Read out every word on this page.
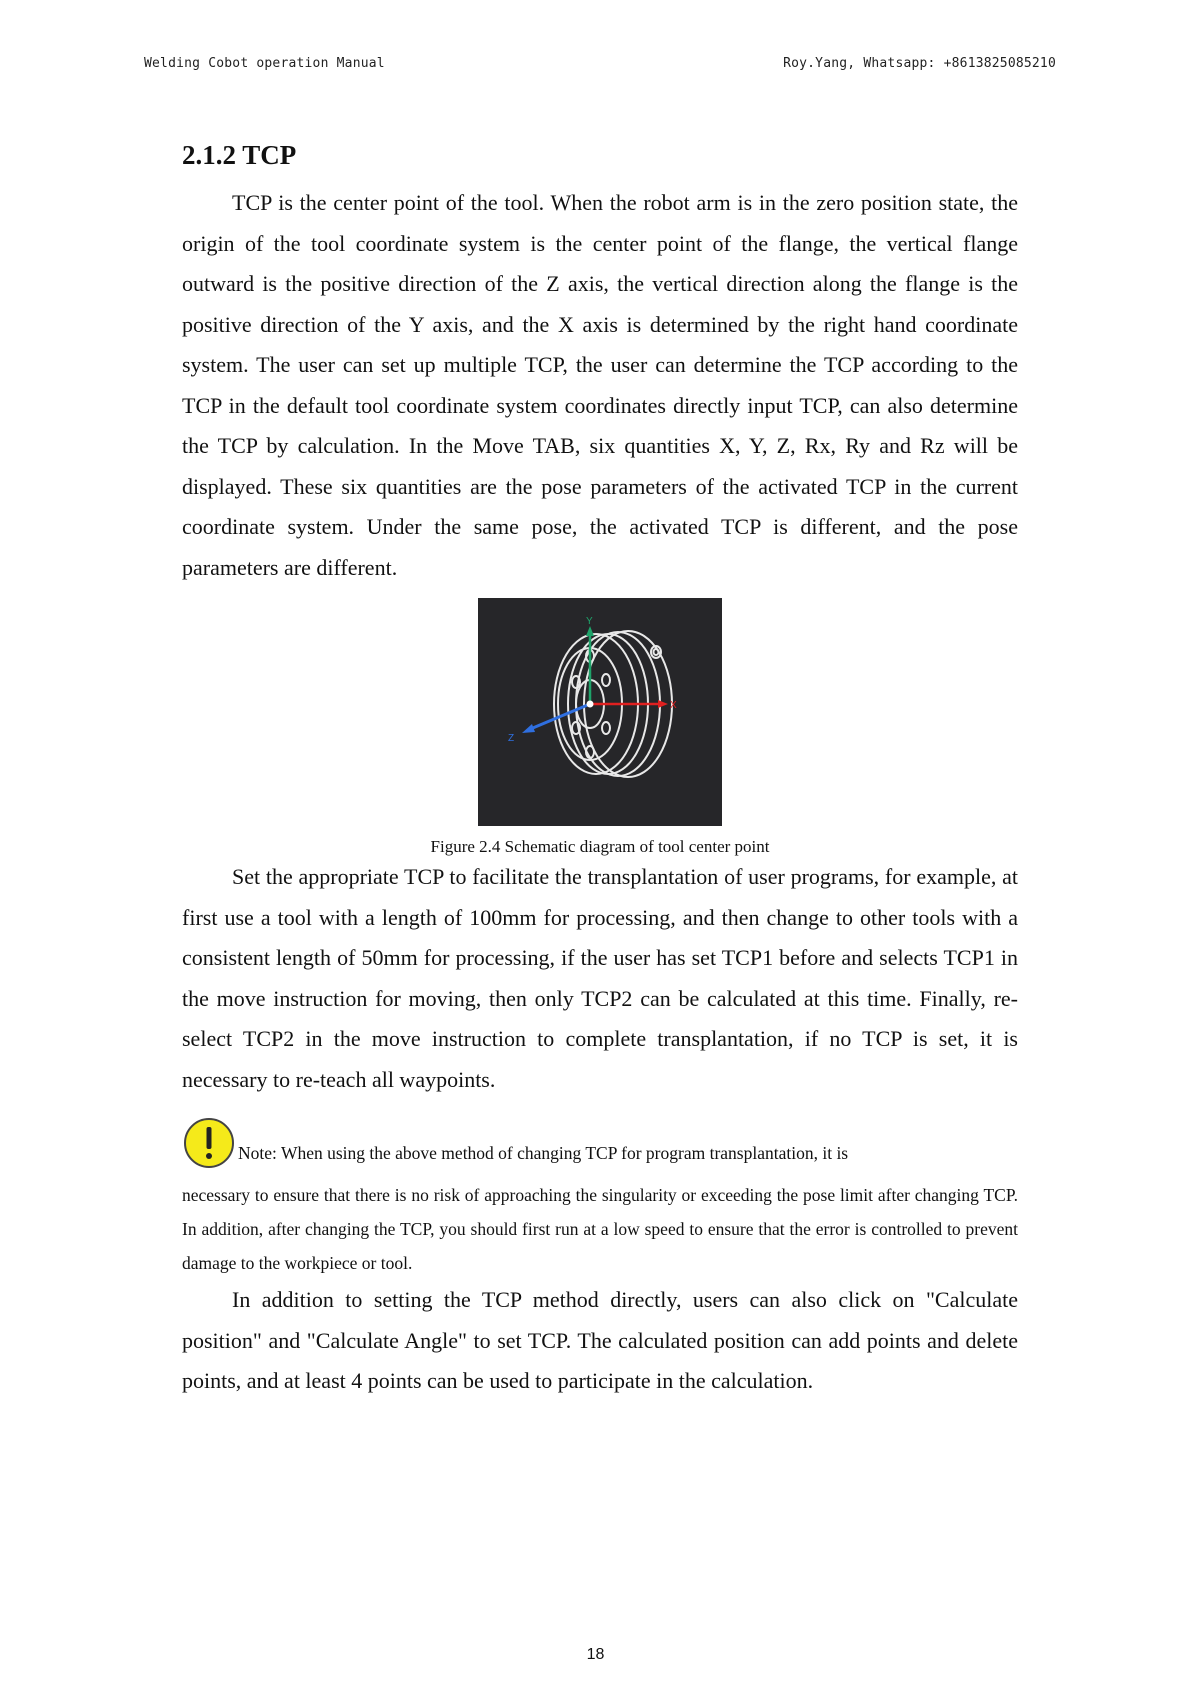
Welding Cobot operation Manual	Roy.Yang, Whatsapp: +8613825085210
2.1.2 TCP

TCP is the center point of the tool. When the robot arm is in the zero position state, the origin of the tool coordinate system is the center point of the flange, the vertical flange outward is the positive direction of the Z axis, the vertical direction along the flange is the positive direction of the Y axis, and the X axis is determined by the right hand coordinate system. The user can set up multiple TCP, the user can determine the TCP according to the TCP in the default tool coordinate system coordinates directly input TCP, can also determine the TCP by calculation. In the Move TAB, six quantities X, Y, Z, Rx, Ry and Rz will be displayed. These six quantities are the pose parameters of the activated TCP in the current coordinate system. Under the same pose, the activated TCP is different, and the pose parameters are different.

Y
X
Z
Figure 2.4 Schematic diagram of tool center point

Set the appropriate TCP to facilitate the transplantation of user programs, for example, at first use a tool with a length of 100mm for processing, and then change to other tools with a consistent length of 50mm for processing, if the user has set TCP1 before and selects TCP1 in the move instruction for moving, then only TCP2 can be calculated at this time. Finally, re-select TCP2 in the move instruction to complete transplantation, if no TCP is set, it is necessary to re-teach all waypoints.

Note: When using the above method of changing TCP for program transplantation, it is
necessary to ensure that there is no risk of approaching the singularity or exceeding the pose limit after changing TCP. In addition, after changing the TCP, you should first run at a low speed to ensure that the error is controlled to prevent damage to the workpiece or tool.

In addition to setting the TCP method directly, users can also click on "Calculate position" and "Calculate Angle" to set TCP. The calculated position can add points and delete points, and at least 4 points can be used to participate in the calculation.

18
